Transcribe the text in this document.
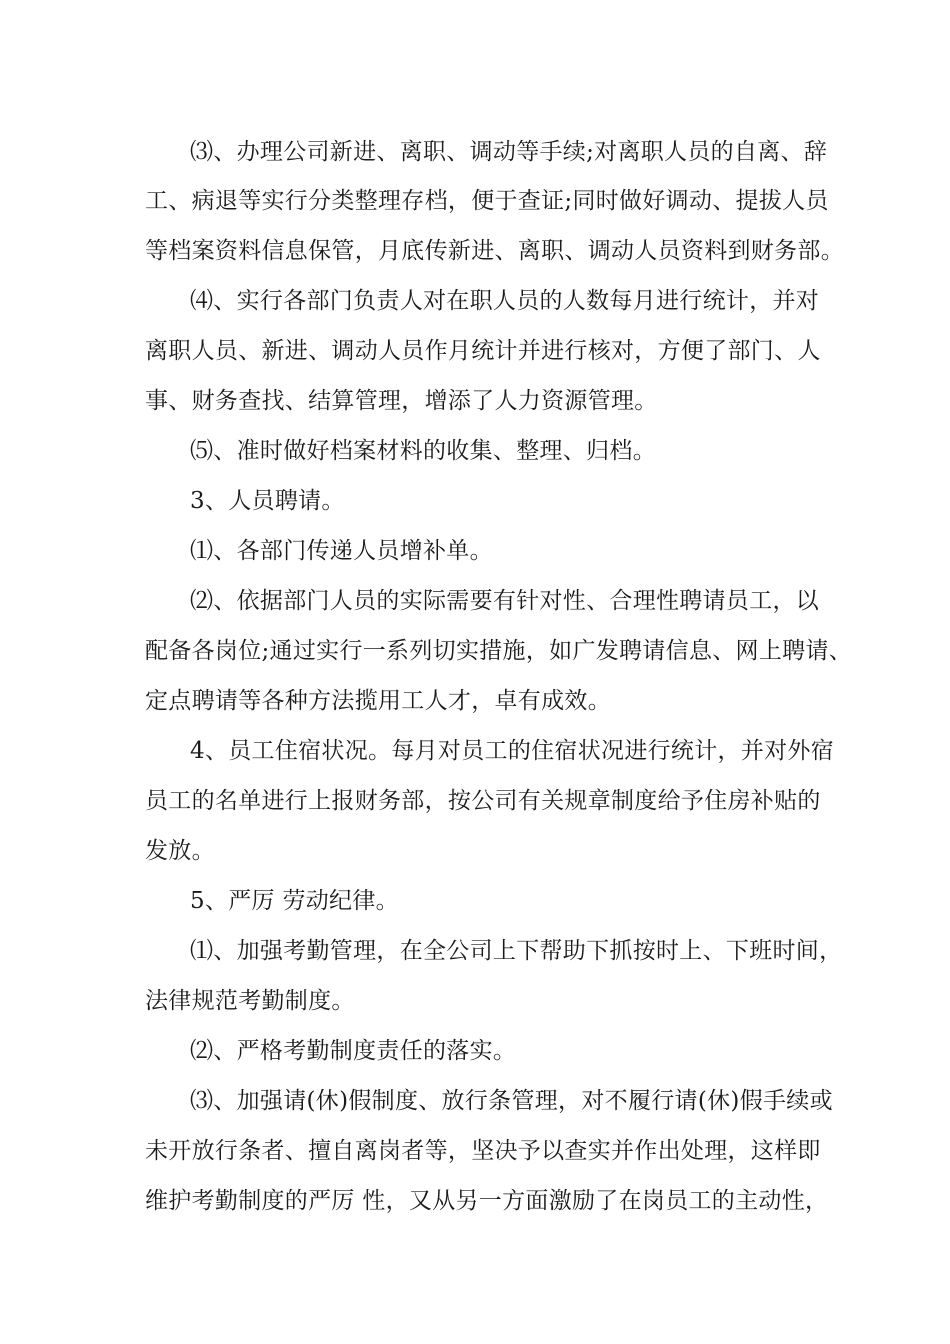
⑶、办理公司新进、离职、调动等手续;对离职人员的自离、辞
工、病退等实行分类整理存档，便于查证;同时做好调动、提拔人员
等档案资料信息保管，月底传新进、离职、调动人员资料到财务部。
⑷、实行各部门负责人对在职人员的人数每月进行统计，并对
离职人员、新进、调动人员作月统计并进行核对，方便了部门、人
事、财务查找、结算管理，增添了人力资源管理。
⑸、准时做好档案材料的收集、整理、归档。
3、人员聘请。
⑴、各部门传递人员增补单。
⑵、依据部门人员的实际需要有针对性、合理性聘请员工，以
配备各岗位;通过实行一系列切实措施，如广发聘请信息、网上聘请、
定点聘请等各种方法揽用工人才，卓有成效。
4、员工住宿状况。每月对员工的住宿状况进行统计，并对外宿
员工的名单进行上报财务部，按公司有关规章制度给予住房补贴的
发放。
5、严厉 劳动纪律。
⑴、加强考勤管理，在全公司上下帮助下抓按时上、下班时间，
法律规范考勤制度。
⑵、严格考勤制度责任的落实。
⑶、加强请(休)假制度、放行条管理，对不履行请(休)假手续或
未开放行条者、擅自离岗者等，坚决予以查实并作出处理，这样即
维护考勤制度的严厉 性，又从另一方面激励了在岗员工的主动性，
